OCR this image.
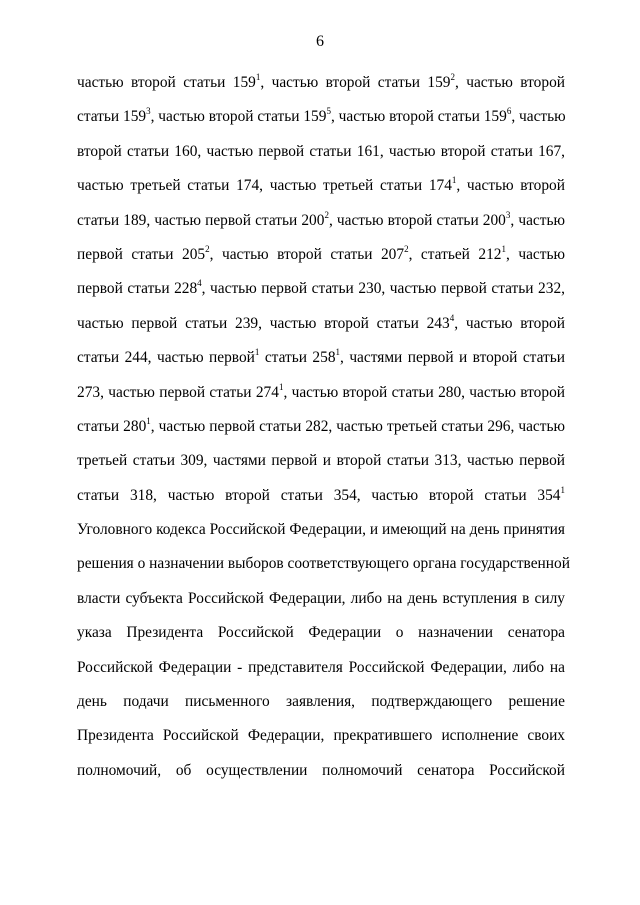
6
частью второй статьи $159^1$, частью второй статьи $159^2$, частью второй
статьи $159^3$, частью второй статьи $159^5$, частью второй статьи $159^6$, частью
второй статьи 160, частью первой статьи 161, частью второй статьи 167,
частью третьей статьи 174, частью третьей статьи $174^1$, частью второй
статьи 189, частью первой статьи $200^2$, частью второй статьи $200^3$, частью
первой статьи $205^2$, частью второй статьи $207^2$, статьей $212^1$, частью
первой статьи $228^4$, частью первой статьи 230, частью первой статьи 232,
частью первой статьи 239, частью второй статьи $243^4$, частью второй
статьи 244, частью первой$^1$ статьи $258^1$, частями первой и второй статьи
273, частью первой статьи $274^1$, частью второй статьи 280, частью второй
статьи $280^1$, частью первой статьи 282, частью третьей статьи 296, частью
третьей статьи 309, частями первой и второй статьи 313, частью первой
статьи 318, частью второй статьи 354, частью второй статьи $354^1$
Уголовного кодекса Российской Федерации, и имеющий на день принятия
решения о назначении выборов соответствующего органа государственной
власти субъекта Российской Федерации, либо на день вступления в силу
указа Президента Российской Федерации о назначении сенатора
Российской Федерации - представителя Российской Федерации, либо на
день подачи письменного заявления, подтверждающего решение
Президента Российской Федерации, прекратившего исполнение своих
полномочий, об осуществлении полномочий сенатора Российской
